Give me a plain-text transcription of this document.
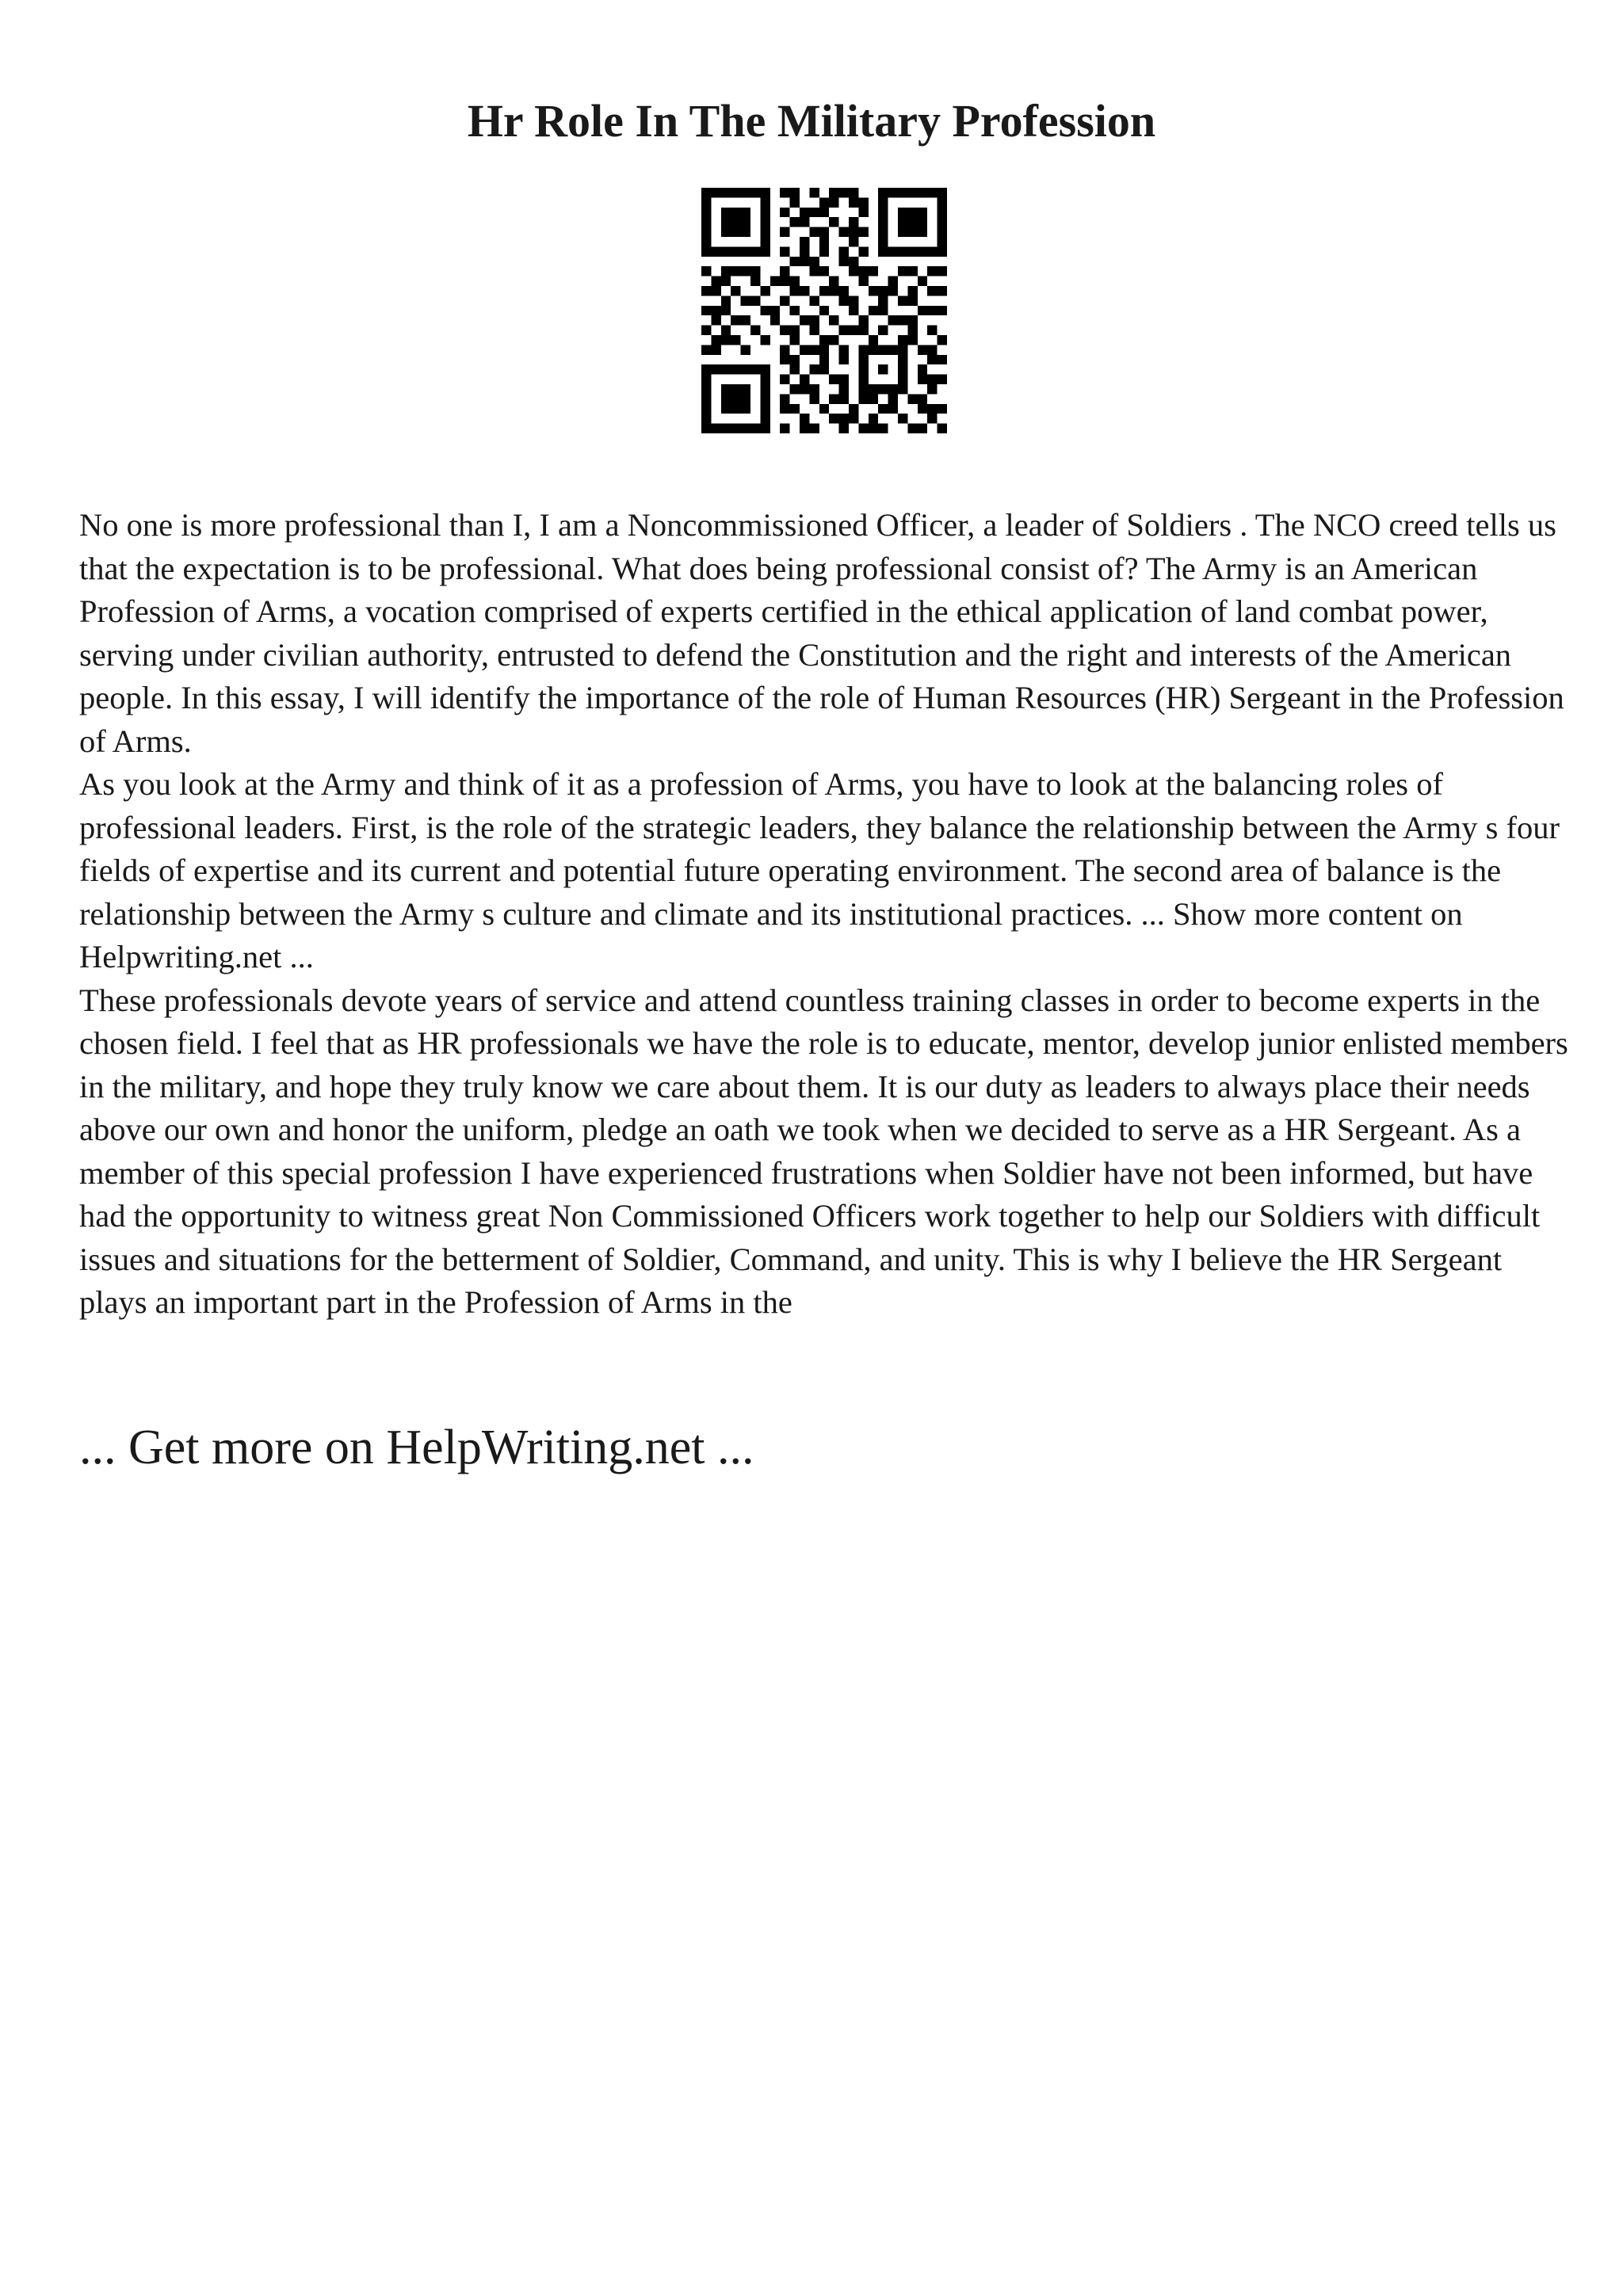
Hr Role In The Military Profession

No one is more professional than I, I am a Noncommissioned Officer, a leader of Soldiers . The NCO creed tells us that the expectation is to be professional. What does being professional consist of? The Army is an American Profession of Arms, a vocation comprised of experts certified in the ethical application of land combat power, serving under civilian authority, entrusted to defend the Constitution and the right and interests of the American people. In this essay, I will identify the importance of the role of Human Resources (HR) Sergeant in the Profession of Arms.

As you look at the Army and think of it as a profession of Arms, you have to look at the balancing roles of professional leaders. First, is the role of the strategic leaders, they balance the relationship between the Army s four fields of expertise and its current and potential future operating environment. The second area of balance is the relationship between the Army s culture and climate and its institutional practices. ... Show more content on Helpwriting.net ...

These professionals devote years of service and attend countless training classes in order to become experts in the chosen field. I feel that as HR professionals we have the role is to educate, mentor, develop junior enlisted members in the military, and hope they truly know we care about them. It is our duty as leaders to always place their needs above our own and honor the uniform, pledge an oath we took when we decided to serve as a HR Sergeant. As a member of this special profession I have experienced frustrations when Soldier have not been informed, but have had the opportunity to witness great Non Commissioned Officers work together to help our Soldiers with difficult issues and situations for the betterment of Soldier, Command, and unity. This is why I believe the HR Sergeant plays an important part in the Profession of Arms in the

... Get more on HelpWriting.net ...
